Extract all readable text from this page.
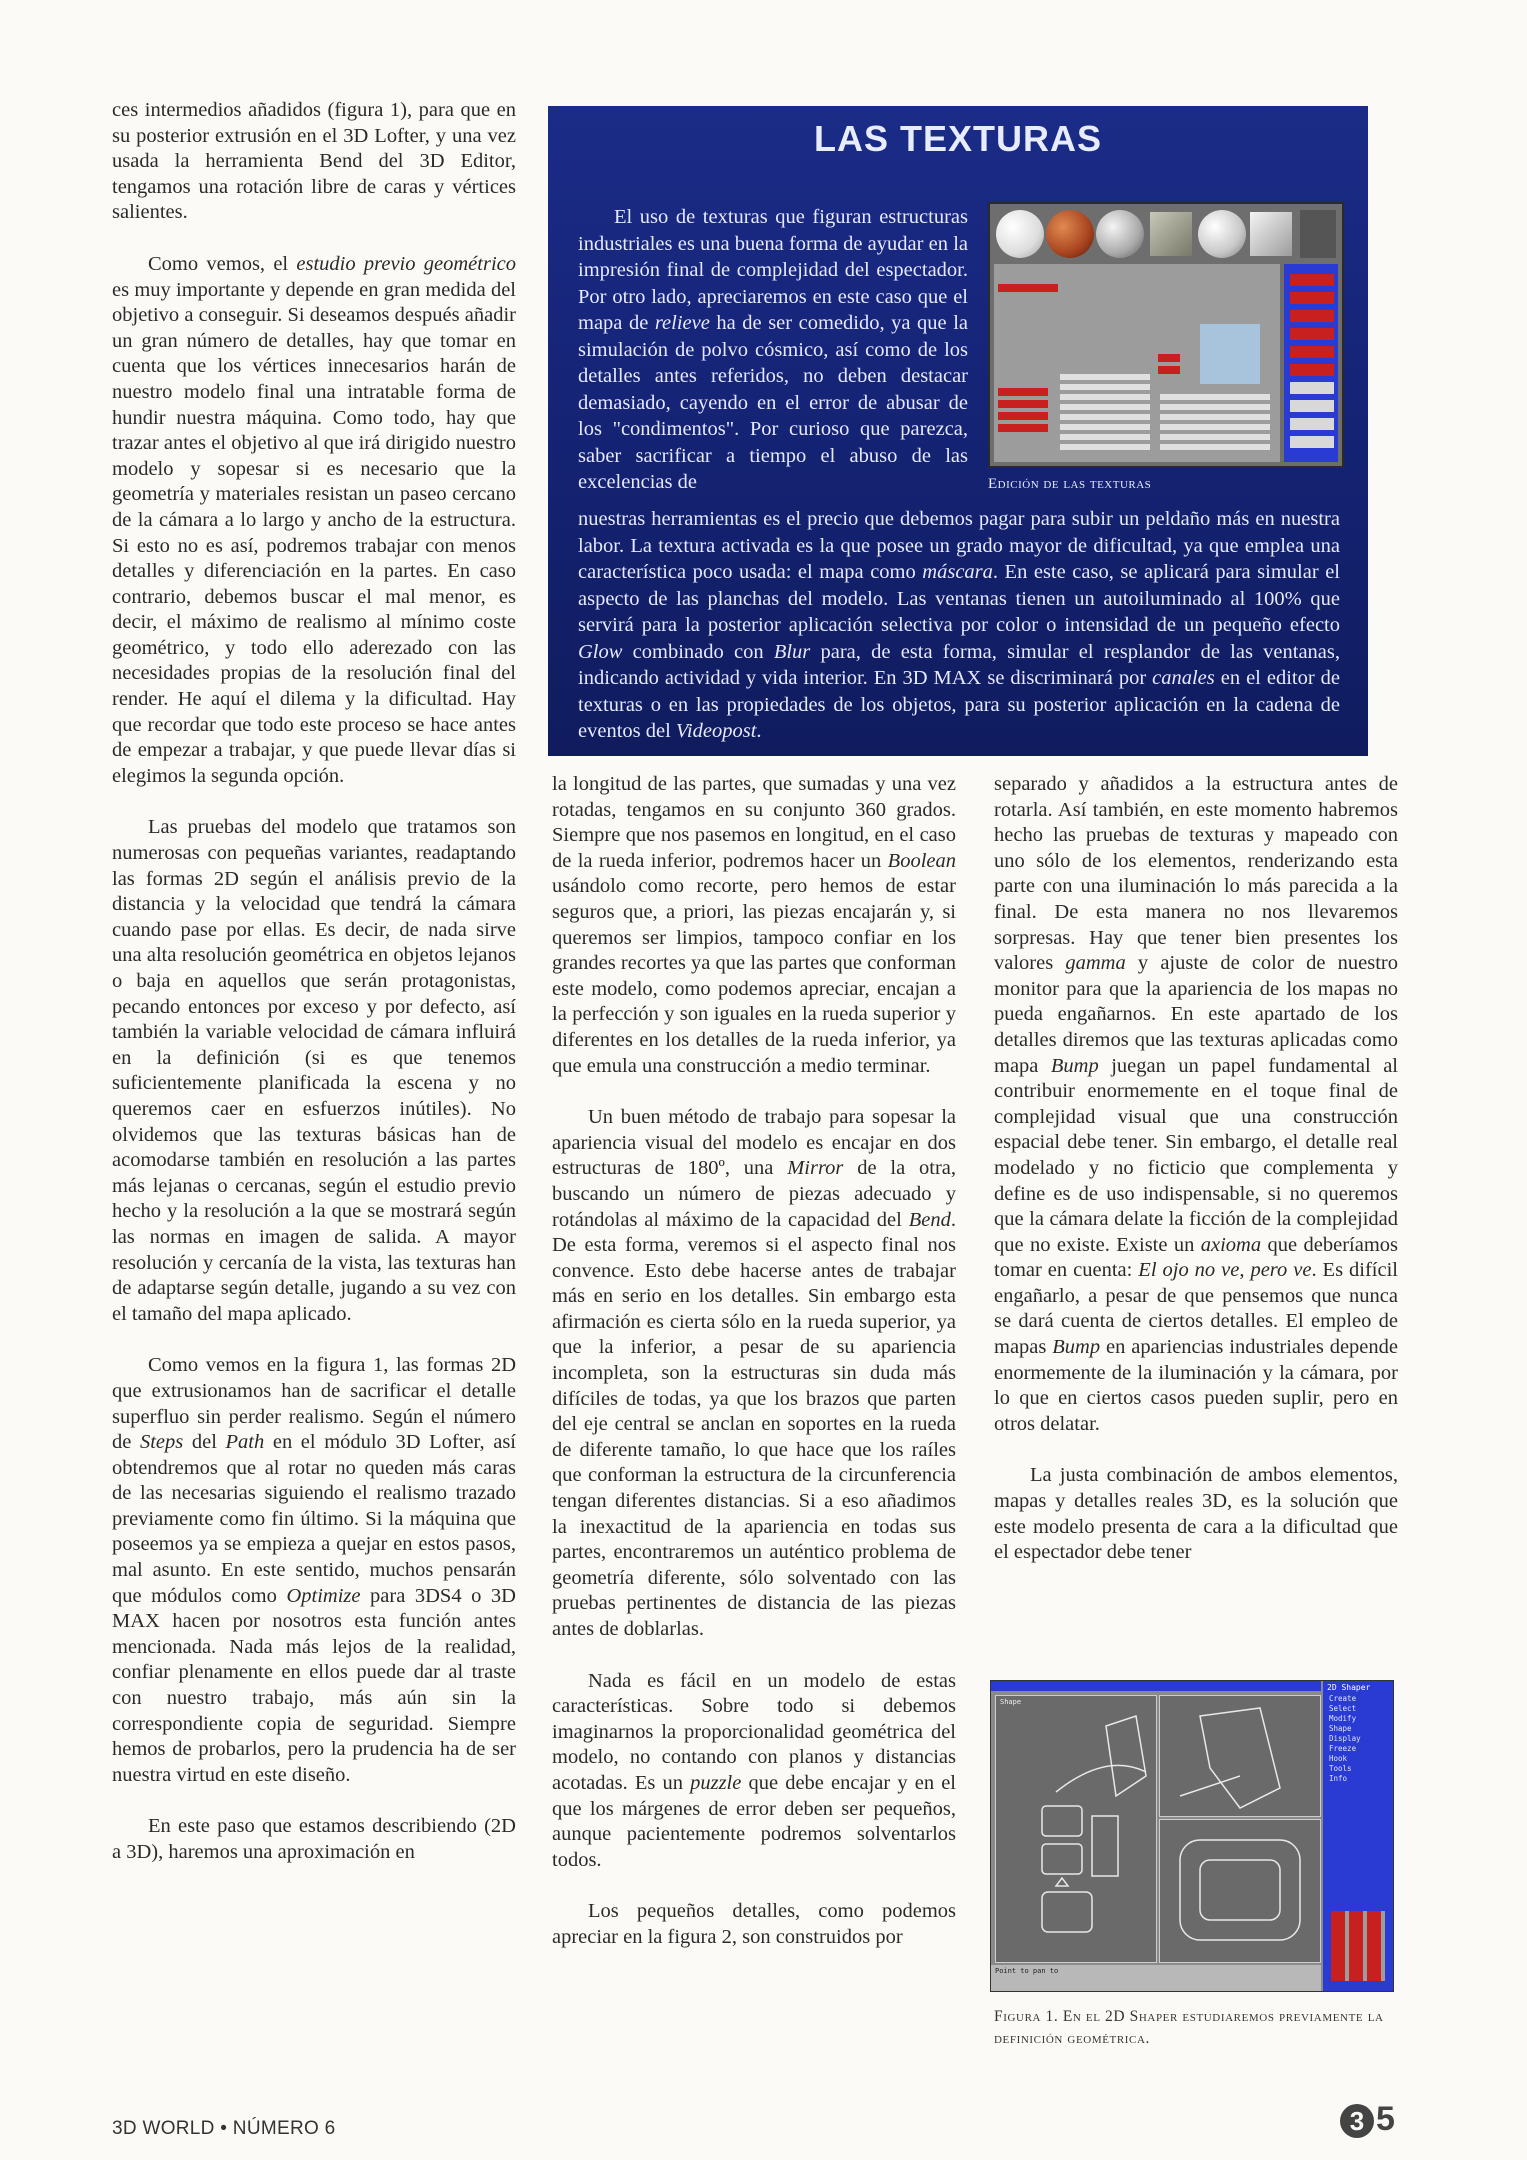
ces intermedios añadidos (figura 1), para que en su posterior extrusión en el 3D Lofter, y una vez usada la herramienta Bend del 3D Editor, tengamos una rotación libre de caras y vértices salientes.

Como vemos, el estudio previo geométrico es muy importante y depende en gran medida del objetivo a conseguir. Si deseamos después añadir un gran número de detalles, hay que tomar en cuenta que los vértices innecesarios harán de nuestro modelo final una intratable forma de hundir nuestra máquina. Como todo, hay que trazar antes el objetivo al que irá dirigido nuestro modelo y sopesar si es necesario que la geometría y materiales resistan un paseo cercano de la cámara a lo largo y ancho de la estructura. Si esto no es así, podremos trabajar con menos detalles y diferenciación en la partes. En caso contrario, debemos buscar el mal menor, es decir, el máximo de realismo al mínimo coste geométrico, y todo ello aderezado con las necesidades propias de la resolución final del render. He aquí el dilema y la dificultad. Hay que recordar que todo este proceso se hace antes de empezar a trabajar, y que puede llevar días si elegimos la segunda opción.

Las pruebas del modelo que tratamos son numerosas con pequeñas variantes, readaptando las formas 2D según el análisis previo de la distancia y la velocidad que tendrá la cámara cuando pase por ellas. Es decir, de nada sirve una alta resolución geométrica en objetos lejanos o baja en aquellos que serán protagonistas, pecando entonces por exceso y por defecto, así también la variable velocidad de cámara influirá en la definición (si es que tenemos suficientemente planificada la escena y no queremos caer en esfuerzos inútiles). No olvidemos que las texturas básicas han de acomodarse también en resolución a las partes más lejanas o cercanas, según el estudio previo hecho y la resolución a la que se mostrará según las normas en imagen de salida. A mayor resolución y cercanía de la vista, las texturas han de adaptarse según detalle, jugando a su vez con el tamaño del mapa aplicado.

Como vemos en la figura 1, las formas 2D que extrusionamos han de sacrificar el detalle superfluo sin perder realismo. Según el número de Steps del Path en el módulo 3D Lofter, así obtendremos que al rotar no queden más caras de las necesarias siguiendo el realismo trazado previamente como fin último. Si la máquina que poseemos ya se empieza a quejar en estos pasos, mal asunto. En este sentido, muchos pensarán que módulos como Optimize para 3DS4 o 3D MAX hacen por nosotros esta función antes mencionada. Nada más lejos de la realidad, confiar plenamente en ellos puede dar al traste con nuestro trabajo, más aún sin la correspondiente copia de seguridad. Siempre hemos de probarlos, pero la prudencia ha de ser nuestra virtud en este diseño.

En este paso que estamos describiendo (2D a 3D), haremos una aproximación en

LAS TEXTURAS
El uso de texturas que figuran estructuras industriales es una buena forma de ayudar en la impresión final de complejidad del espectador. Por otro lado, apreciaremos en este caso que el mapa de relieve ha de ser comedido, ya que la simulación de polvo cósmico, así como de los detalles antes referidos, no deben destacar demasiado, cayendo en el error de abusar de los "condimentos". Por curioso que parezca, saber sacrificar a tiempo el abuso de las excelencias de	Edición de las texturas
nuestras herramientas es el precio que debemos pagar para subir un peldaño más en nuestra labor. La textura activada es la que posee un grado mayor de dificultad, ya que emplea una característica poco usada: el mapa como máscara. En este caso, se aplicará para simular el aspecto de las planchas del modelo. Las ventanas tienen un autoiluminado al 100% que servirá para la posterior aplicación selectiva por color o intensidad de un pequeño efecto Glow combinado con Blur para, de esta forma, simular el resplandor de las ventanas, indicando actividad y vida interior. En 3D MAX se discriminará por canales en el editor de texturas o en las propiedades de los objetos, para su posterior aplicación en la cadena de eventos del Videopost.

la longitud de las partes, que sumadas y una vez rotadas, tengamos en su conjunto 360 grados. Siempre que nos pasemos en longitud, en el caso de la rueda inferior, podremos hacer un Boolean usándolo como recorte, pero hemos de estar seguros que, a priori, las piezas encajarán y, si queremos ser limpios, tampoco confiar en los grandes recortes ya que las partes que conforman este modelo, como podemos apreciar, encajan a la perfección y son iguales en la rueda superior y diferentes en los detalles de la rueda inferior, ya que emula una construcción a medio terminar.

Un buen método de trabajo para sopesar la apariencia visual del modelo es encajar en dos estructuras de 180º, una Mirror de la otra, buscando un número de piezas adecuado y rotándolas al máximo de la capacidad del Bend. De esta forma, veremos si el aspecto final nos convence. Esto debe hacerse antes de trabajar más en serio en los detalles. Sin embargo esta afirmación es cierta sólo en la rueda superior, ya que la inferior, a pesar de su apariencia incompleta, son la estructuras sin duda más difíciles de todas, ya que los brazos que parten del eje central se anclan en soportes en la rueda de diferente tamaño, lo que hace que los raíles que conforman la estructura de la circunferencia tengan diferentes distancias. Si a eso añadimos la inexactitud de la apariencia en todas sus partes, encontraremos un auténtico problema de geometría diferente, sólo solventado con las pruebas pertinentes de distancia de las piezas antes de doblarlas.

Nada es fácil en un modelo de estas características. Sobre todo si debemos imaginarnos la proporcionalidad geométrica del modelo, no contando con planos y distancias acotadas. Es un puzzle que debe encajar y en el que los márgenes de error deben ser pequeños, aunque pacientemente podremos solventarlos todos.

Los pequeños detalles, como podemos apreciar en la figura 2, son construidos por

separado y añadidos a la estructura antes de rotarla. Así también, en este momento habremos hecho las pruebas de texturas y mapeado con uno sólo de los elementos, renderizando esta parte con una iluminación lo más parecida a la final. De esta manera no nos llevaremos sorpresas. Hay que tener bien presentes los valores gamma y ajuste de color de nuestro monitor para que la apariencia de los mapas no pueda engañarnos. En este apartado de los detalles diremos que las texturas aplicadas como mapa Bump juegan un papel fundamental al contribuir enormemente en el toque final de complejidad visual que una construcción espacial debe tener. Sin embargo, el detalle real modelado y no ficticio que complementa y define es de uso indispensable, si no queremos que la cámara delate la ficción de la complejidad que no existe. Existe un axioma que deberíamos tomar en cuenta: El ojo no ve, pero ve. Es difícil engañarlo, a pesar de que pensemos que nunca se dará cuenta de ciertos detalles. El empleo de mapas Bump en apariencias industriales depende enormemente de la iluminación y la cámara, por lo que en ciertos casos pueden suplir, pero en otros delatar.

La justa combinación de ambos elementos, mapas y detalles reales 3D, es la solución que este modelo presenta de cara a la dificultad que el espectador debe tener

Shape
2D Shaper
Create
Select
Modify
Shape
Display
Freeze
Hook
Tools
Info
Point to pan to
Figura 1. En el 2D Shaper estudiaremos previamente la definición geométrica.
3D WORLD • NÚMERO 6	3 5
